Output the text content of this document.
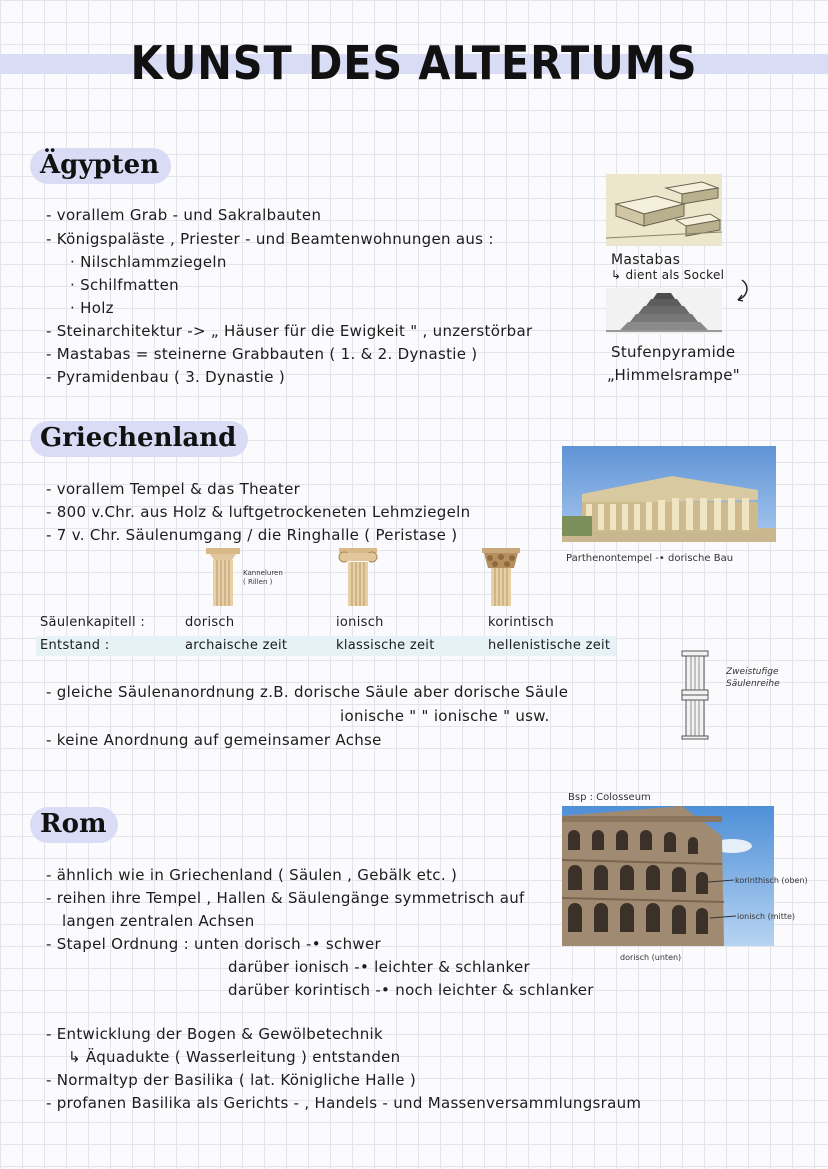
KUNST DES ALTERTUMS
Ägypten
- vorallem Grab - und Sakralbauten
- Königspaläste , Priester - und Beamtenwohnungen aus :
· Nilschlammziegeln
· Schilfmatten
· Holz
- Steinarchitektur -> „ Häuser für die Ewigkeit " , unzerstörbar
- Mastabas = steinerne Grabbauten ( 1. & 2. Dynastie )
- Pyramidenbau ( 3. Dynastie )
Mastabas
↳ dient als Sockel
Stufenpyramide
„Himmelsrampe"
Griechenland
- vorallem Tempel & das Theater
- 800 v.Chr. aus Holz & luftgetrockeneten Lehmziegeln
- 7 v. Chr. Säulenumgang / die Ringhalle ( Peristase )
Parthenontempel -• dorische Bau
Kanneluren
( Rillen )
Säulenkapitell :	dorisch	ionisch	korintisch
Entstand :	archaische zeit	klassische zeit	hellenistische zeit
- gleiche Säulenanordnung z.B. dorische Säule aber dorische Säule
ionische " " ionische " usw.
- keine Anordnung auf gemeinsamer Achse
Zweistufige
Säulenreihe
Rom
Bsp : Colosseum
korinthisch (oben)
ionisch (mitte)
dorisch (unten)
- ähnlich wie in Griechenland ( Säulen , Gebälk etc. )
- reihen ihre Tempel , Hallen & Säulengänge symmetrisch auf
langen zentralen Achsen
- Stapel Ordnung : unten dorisch -• schwer
darüber ionisch -• leichter & schlanker
darüber korintisch -• noch leichter & schlanker
- Entwicklung der Bogen & Gewölbetechnik
↳ Äquadukte ( Wasserleitung ) entstanden
- Normaltyp der Basilika ( lat. Königliche Halle )
- profanen Basilika als Gerichts - , Handels - und Massenversammlungsraum
